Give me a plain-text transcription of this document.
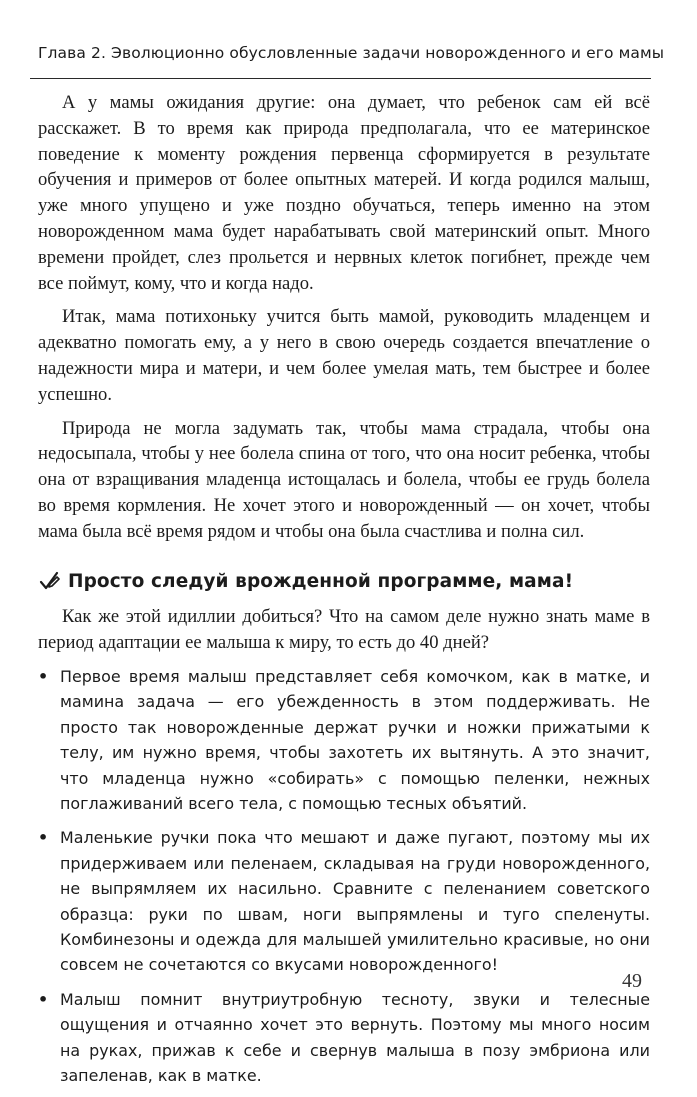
Глава 2. Эволюционно обусловленные задачи новорожденного и его мамы

А у мамы ожидания другие: она думает, что ребенок сам ей всё расскажет. В то время как природа предполагала, что ее материнское поведение к моменту рождения первенца сформируется в результате обучения и примеров от более опытных матерей. И когда родился малыш, уже много упущено и уже поздно обучаться, теперь именно на этом новорожденном мама будет нарабатывать свой материнский опыт. Много времени пройдет, слез прольется и нервных клеток погибнет, прежде чем все поймут, кому, что и когда надо.

Итак, мама потихоньку учится быть мамой, руководить младенцем и адекватно помогать ему, а у него в свою очередь создается впечатление о надежности мира и матери, и чем более умелая мать, тем быстрее и более успешно.

Природа не могла задумать так, чтобы мама страдала, чтобы она недосыпала, чтобы у нее болела спина от того, что она носит ребенка, чтобы она от взращивания младенца истощалась и болела, чтобы ее грудь болела во время кормления. Не хочет этого и новорожденный — он хочет, чтобы мама была всё время рядом и чтобы она была счастлива и полна сил.

Просто следуй врожденной программе, мама!

Как же этой идиллии добиться? Что на самом деле нужно знать маме в период адаптации ее малыша к миру, то есть до 40 дней?

• Первое время малыш представляет себя комочком, как в матке, и мамина задача — его убежденность в этом поддерживать. Не просто так новорожденные держат ручки и ножки прижатыми к телу, им нужно время, чтобы захотеть их вытянуть. А это значит, что младенца нужно «собирать» с помощью пеленки, нежных поглаживаний всего тела, с помощью тесных объятий.
• Маленькие ручки пока что мешают и даже пугают, поэтому мы их придерживаем или пеленаем, складывая на груди новорожденного, не выпрямляем их насильно. Сравните с пеленанием советского образца: руки по швам, ноги выпрямлены и туго спеленуты. Комбинезоны и одежда для малышей умилительно красивые, но они совсем не сочетаются со вкусами новорожденного!
• Малыш помнит внутриутробную тесноту, звуки и телесные ощущения и отчаянно хочет это вернуть. Поэтому мы много носим на руках, прижав к себе и свернув малыша в позу эмбриона или запеленав, как в матке.
49
